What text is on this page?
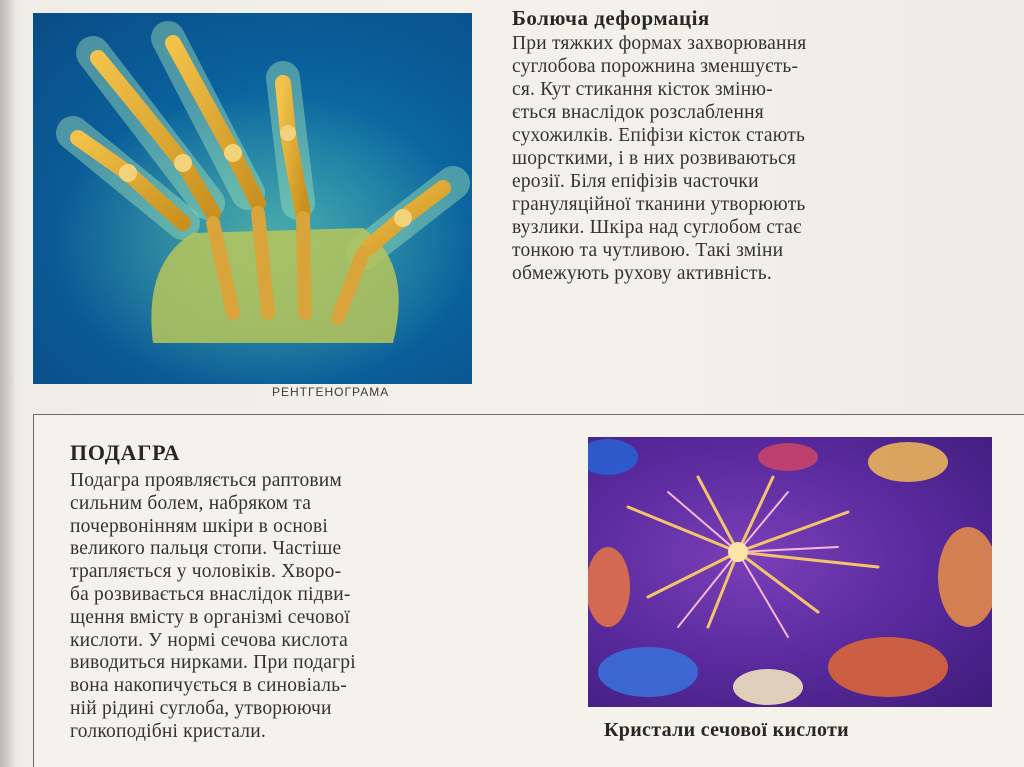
РЕНТГЕНОГРАМА
Болюча деформація

При тяжких формах захворювання
суглобова порожнина зменшуєть-
ся. Кут стикання кісток зміню-
ється внаслідок розслаблення
сухожилків. Епіфізи кісток стають
шорсткими, і в них розвиваються
ерозії. Біля епіфізів часточки
грануляційної тканини утворюють
вузлики. Шкіра над суглобом стає
тонкою та чутливою. Такі зміни
обмежують рухову активність.

ПОДАГРА

Подагра проявляється раптовим
сильним болем, набряком та
почервонінням шкіри в основі
великого пальця стопи. Частіше
трапляється у чоловіків. Хворо-
ба розвивається внаслідок підви-
щення вмісту в організмі сечової
кислоти. У нормі сечова кислота
виводиться нирками. При подагрі
вона накопичується в синовіаль-
ній рідині суглоба, утворюючи
голкоподібні кристали.	Кристали сечової кислоти
